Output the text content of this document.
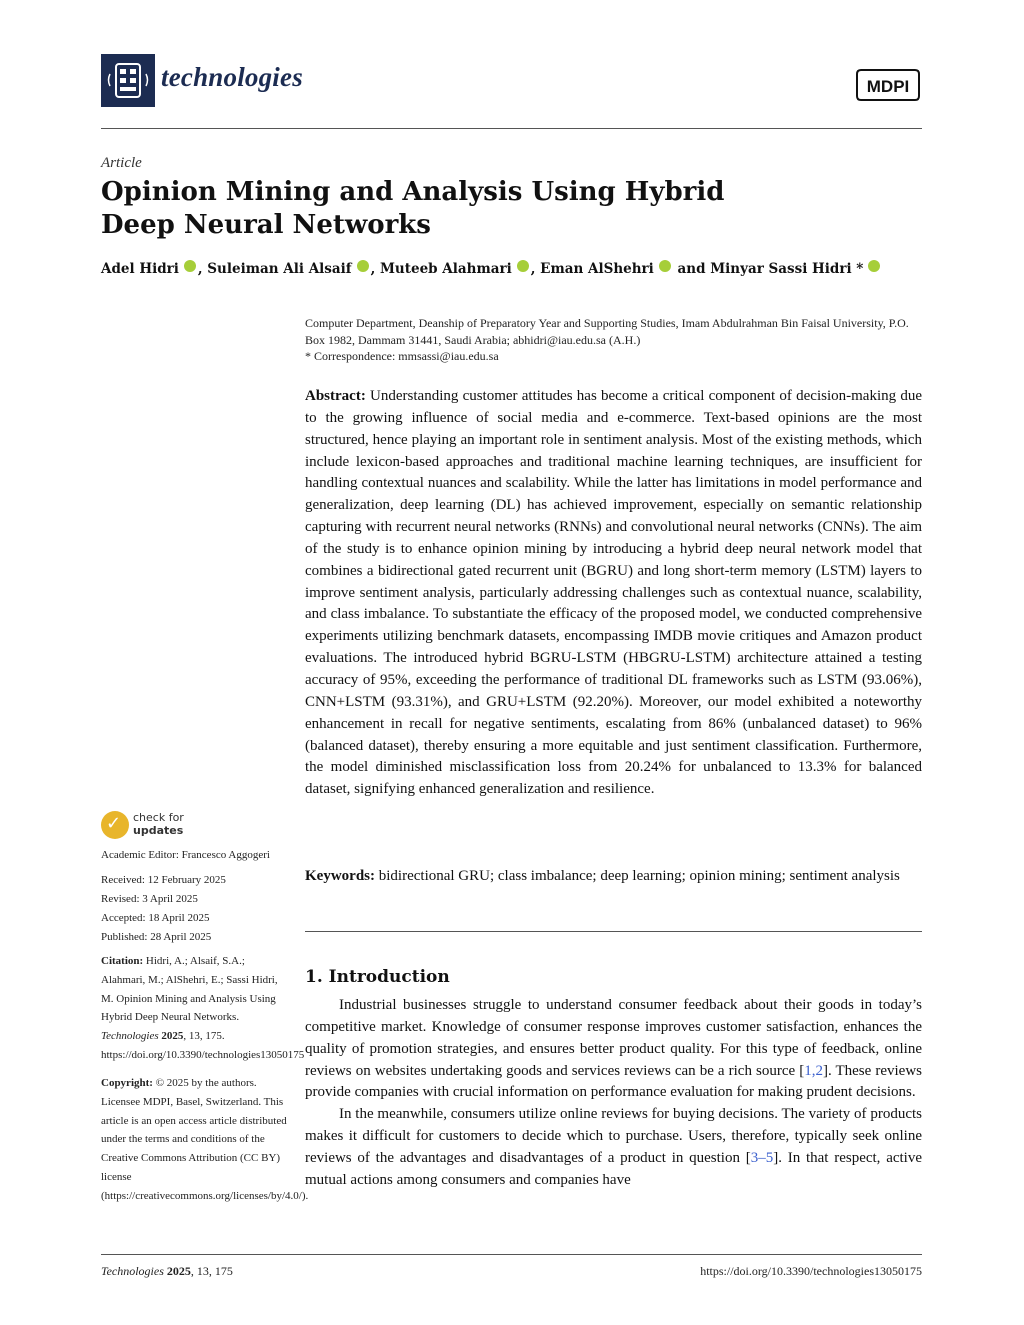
technologies	MDPI
Article
Opinion Mining and Analysis Using Hybrid Deep Neural Networks
Adel Hidri , Suleiman Ali Alsaif , Muteeb Alahmari , Eman AlShehri and Minyar Sassi Hidri *
Computer Department, Deanship of Preparatory Year and Supporting Studies, Imam Abdulrahman Bin Faisal University, P.O. Box 1982, Dammam 31441, Saudi Arabia; abhidri@iau.edu.sa (A.H.)
* Correspondence: mmsassi@iau.edu.sa
Abstract: Understanding customer attitudes has become a critical component of decision-making due to the growing influence of social media and e-commerce. Text-based opinions are the most structured, hence playing an important role in sentiment analysis. Most of the existing methods, which include lexicon-based approaches and traditional machine learning techniques, are insufficient for handling contextual nuances and scalability. While the latter has limitations in model performance and generalization, deep learning (DL) has achieved improvement, especially on semantic relationship capturing with recurrent neural networks (RNNs) and convolutional neural networks (CNNs). The aim of the study is to enhance opinion mining by introducing a hybrid deep neural network model that combines a bidirectional gated recurrent unit (BGRU) and long short-term memory (LSTM) layers to improve sentiment analysis, particularly addressing challenges such as contextual nuance, scalability, and class imbalance. To substantiate the efficacy of the proposed model, we conducted comprehensive experiments utilizing benchmark datasets, encompassing IMDB movie critiques and Amazon product evaluations. The introduced hybrid BGRU-LSTM (HBGRU-LSTM) architecture attained a testing accuracy of 95%, exceeding the performance of traditional DL frameworks such as LSTM (93.06%), CNN+LSTM (93.31%), and GRU+LSTM (92.20%). Moreover, our model exhibited a noteworthy enhancement in recall for negative sentiments, escalating from 86% (unbalanced dataset) to 96% (balanced dataset), thereby ensuring a more equitable and just sentiment classification. Furthermore, the model diminished misclassification loss from 20.24% for unbalanced to 13.3% for balanced dataset, signifying enhanced generalization and resilience.
Keywords: bidirectional GRU; class imbalance; deep learning; opinion mining; sentiment analysis
1. Introduction

Industrial businesses struggle to understand consumer feedback about their goods in today’s competitive market. Knowledge of consumer response improves customer satisfaction, enhances the quality of promotion strategies, and ensures better product quality. For this type of feedback, online reviews on websites undertaking goods and services reviews can be a rich source [1,2]. These reviews provide companies with crucial information on performance evaluation for making prudent decisions.

In the meanwhile, consumers utilize online reviews for buying decisions. The variety of products makes it difficult for customers to decide which to purchase. Users, therefore, typically seek online reviews of the advantages and disadvantages of a product in question [3–5]. In that respect, active mutual actions among consumers and companies have

✓ check for
updates
Academic Editor: Francesco Aggogeri
Received: 12 February 2025
Revised: 3 April 2025
Accepted: 18 April 2025
Published: 28 April 2025
Citation: Hidri, A.; Alsaif, S.A.; Alahmari, M.; AlShehri, E.; Sassi Hidri, M. Opinion Mining and Analysis Using Hybrid Deep Neural Networks. Technologies 2025, 13, 175. https://doi.org/10.3390/technologies13050175
Copyright: © 2025 by the authors. Licensee MDPI, Basel, Switzerland. This article is an open access article distributed under the terms and conditions of the Creative Commons Attribution (CC BY) license (https://creativecommons.org/licenses/by/4.0/).
Technologies 2025, 13, 175	https://doi.org/10.3390/technologies13050175
